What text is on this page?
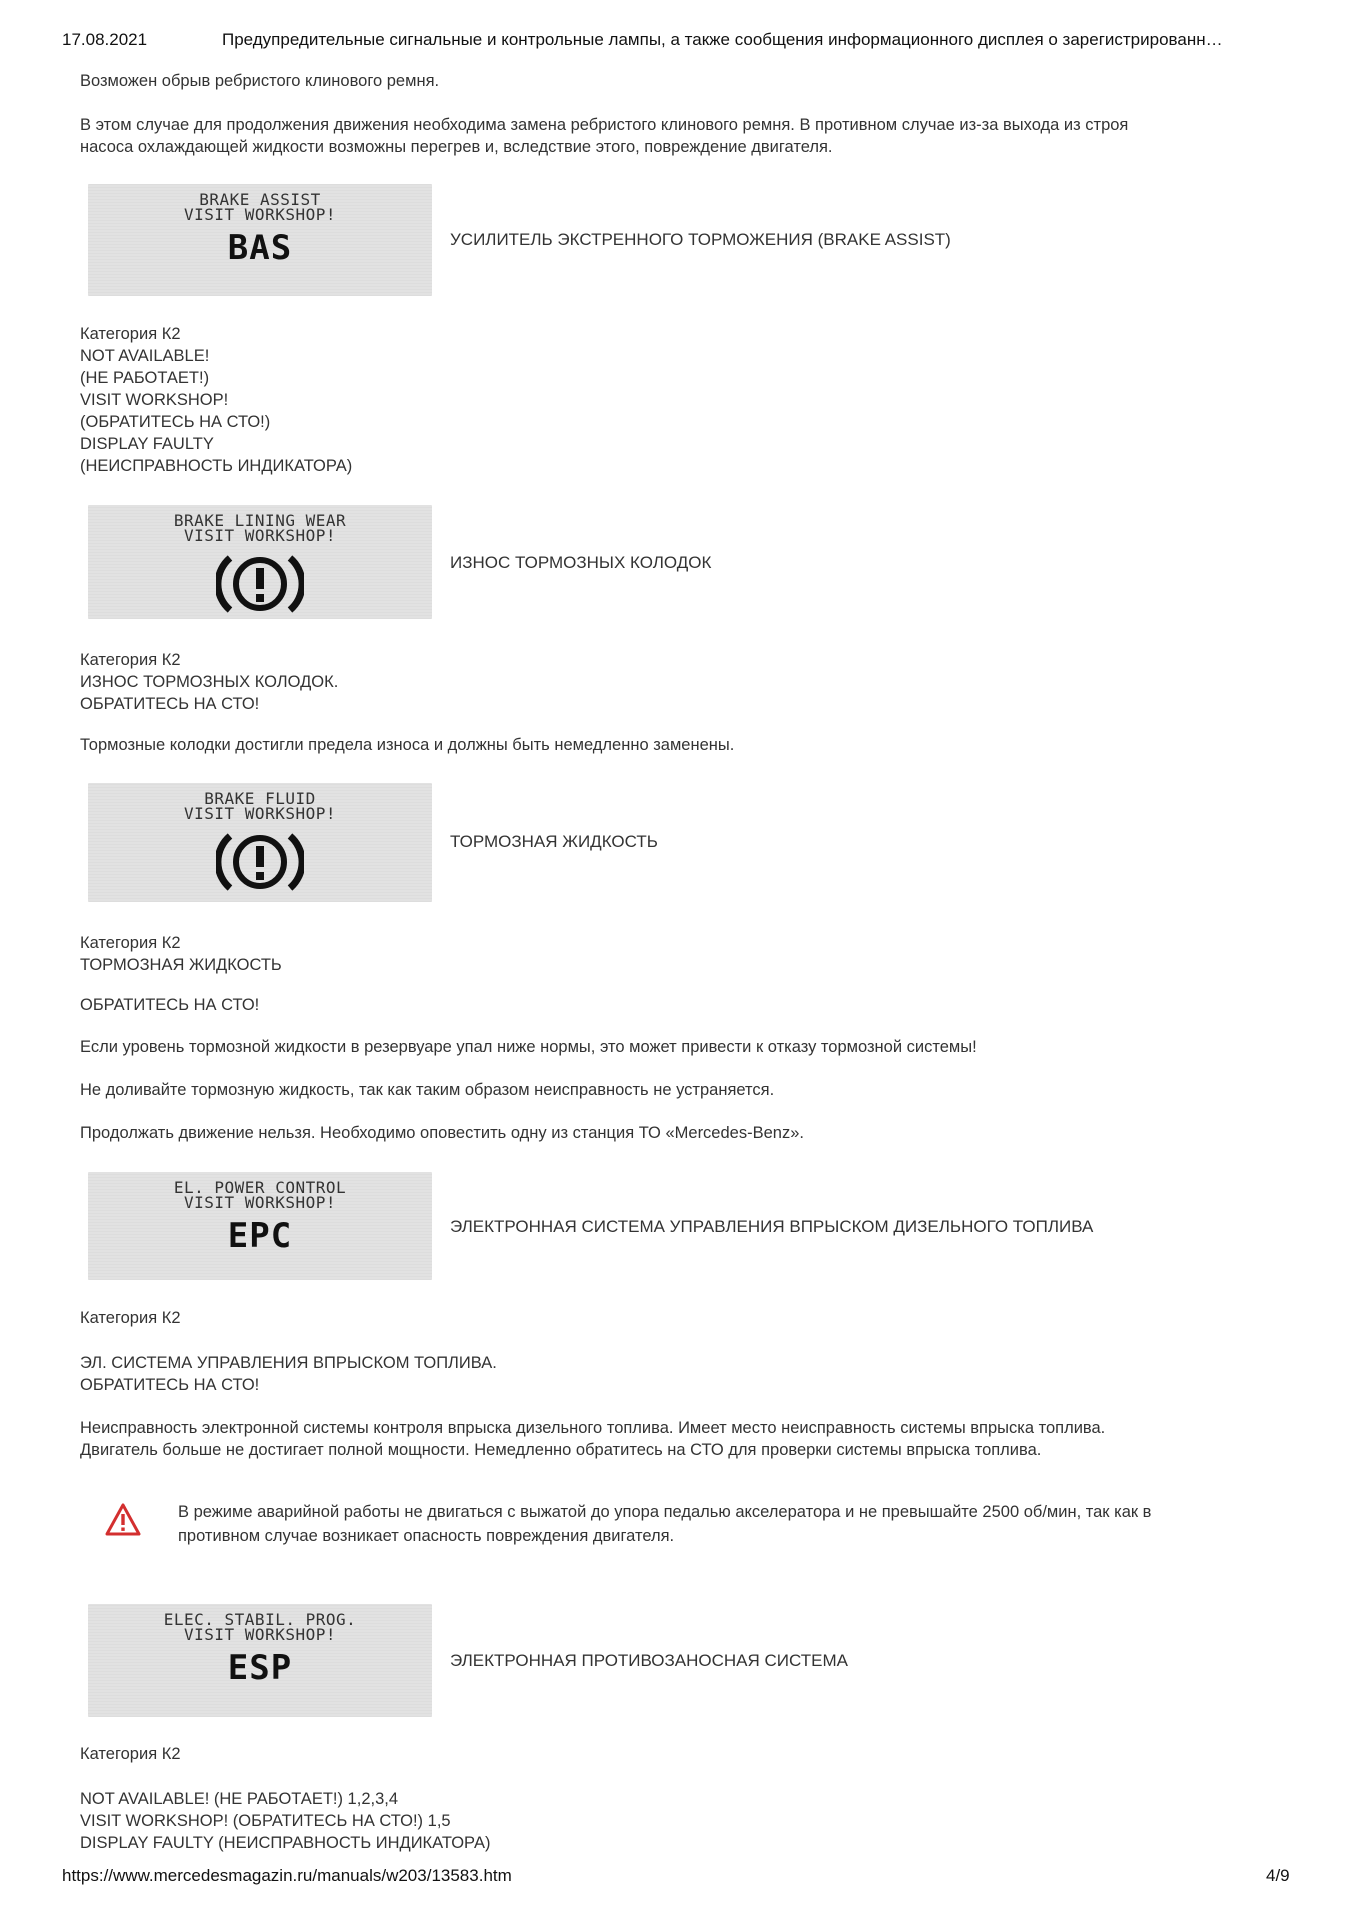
17.08.2021	Предупредительные сигнальные и контрольные лампы, а также сообщения информационного дисплея о зарегистрированн…
Возможен обрыв ребристого клинового ремня.
В этом случае для продолжения движения необходима замена ребристого клинового ремня. В противном случае из-за выхода из строя
насоса охлаждающей жидкости возможны перегрев и, вследствие этого, повреждение двигателя.
BRAKE ASSIST
VISIT WORKSHOP!
BAS	УСИЛИТЕЛЬ ЭКСТРЕННОГО ТОРМОЖЕНИЯ (BRAKE ASSIST)
Категория К2
NOT AVAILABLE!
(НЕ РАБОТАЕТ!)
VISIT WORKSHOP!
(ОБРАТИТЕСЬ НА СТО!)
DISPLAY FAULTY
(НЕИСПРАВНОСТЬ ИНДИКАТОРА)
BRAKE LINING WEAR
VISIT WORKSHOP!
ИЗНОС ТОРМОЗНЫХ КОЛОДОК
Категория К2
ИЗНОС ТОРМОЗНЫХ КОЛОДОК.
ОБРАТИТЕСЬ НА СТО!
Тормозные колодки достигли предела износа и должны быть немедленно заменены.
BRAKE FLUID
VISIT WORKSHOP!
ТОРМОЗНАЯ ЖИДКОСТЬ
Категория К2
ТОРМОЗНАЯ ЖИДКОСТЬ
ОБРАТИТЕСЬ НА СТО!
Если уровень тормозной жидкости в резервуаре упал ниже нормы, это может привести к отказу тормозной системы!
Не доливайте тормозную жидкость, так как таким образом неисправность не устраняется.
Продолжать движение нельзя. Необходимо оповестить одну из станция ТО «Mercedes-Benz».
EL. POWER CONTROL
VISIT WORKSHOP!
EPC	ЭЛЕКТРОННАЯ СИСТЕМА УПРАВЛЕНИЯ ВПРЫСКОМ ДИЗЕЛЬНОГО ТОПЛИВА
Категория К2
ЭЛ. СИСТЕМА УПРАВЛЕНИЯ ВПРЫСКОМ ТОПЛИВА.
ОБРАТИТЕСЬ НА СТО!
Неисправность электронной системы контроля впрыска дизельного топлива. Имеет место неисправность системы впрыска топлива.
Двигатель больше не достигает полной мощности. Немедленно обратитесь на СТО для проверки системы впрыска топлива.
В режиме аварийной работы не двигаться с выжатой до упора педалью акселератора и не превышайте 2500 об/мин, так как в
противном случае возникает опасность повреждения двигателя.
ELEC. STABIL. PROG.
VISIT WORKSHOP!
ESP	ЭЛЕКТРОННАЯ ПРОТИВОЗАНОСНАЯ СИСТЕМА
Категория К2
NOT AVAILABLE! (НЕ РАБОТАЕТ!) 1,2,3,4
VISIT WORKSHOP! (ОБРАТИТЕСЬ НА СТО!) 1,5
DISPLAY FAULTY (НЕИСПРАВНОСТЬ ИНДИКАТОРА)
https://www.mercedesmagazin.ru/manuals/w203/13583.htm	4/9
